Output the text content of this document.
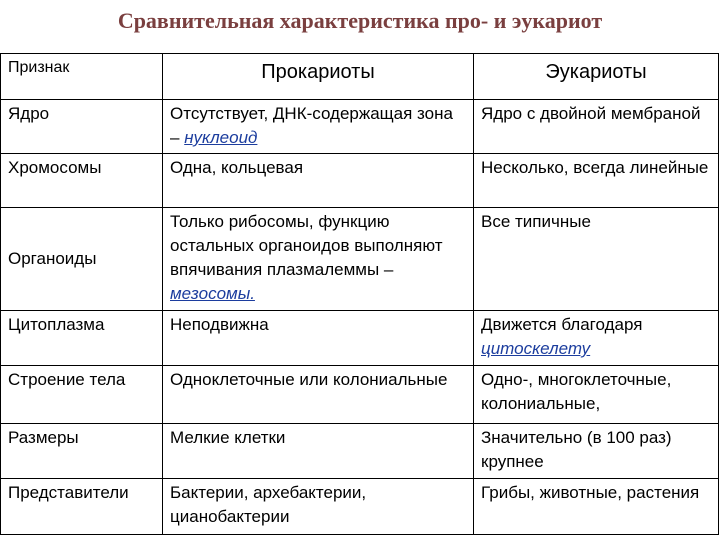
Сравнительная характеристика про- и эукариот
Признак	Прокариоты	Эукариоты
Ядро	Отсутствует, ДНК-содержащая зона – нуклеоид	Ядро с двойной мембраной
Хромосомы	Одна, кольцевая	Несколько, всегда линейные
Органоиды	Только рибосомы, функцию остальных органоидов выполняют впячивания плазмалеммы – мезосомы.	Все типичные
Цитоплазма	Неподвижна	Движется благодаря цитоскелету
Строение тела	Одноклеточные или колониальные	Одно-, многоклеточные, колониальные,
Размеры	Мелкие клетки	Значительно (в 100 раз) крупнее
Представители	Бактерии, архебактерии, цианобактерии	Грибы, животные, растения
